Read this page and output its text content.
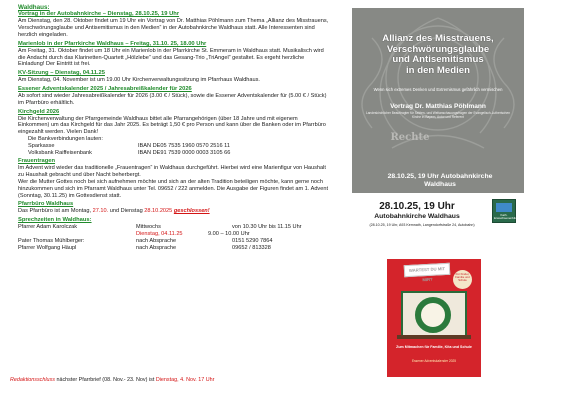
Waldhaus:
Vortrag in der Autobahnkirche – Dienstag, 28.10.25, 19 Uhr
Am Dienstag, den 28. Oktober findet um 19 Uhr ein Vortrag von Dr. Matthias Pöhlmann zum Thema „Allianz des Misstrauens, Verschwörungsglaube und Antisemitismus in den Medien“ in der Autobahnkirche Waldhaus statt. Alle Interessenten sind herzlich eingeladen.
Marienlob in der Pfarrkirche Waldhaus – Freitag, 31.10. 25, 18.00 Uhr
Am Freitag, 31. Oktober findet um 18 Uhr ein Marienlob in der Pfarrkirche St. Emmeram in Waldhaus statt. Musikalisch wird die Andacht durch das Klarinetten-Quartett „Hölzlebe“ und das Gesang-Trio „TriAngel“ gestaltet. Es ergeht herzliche Einladung! Der Eintritt ist frei.
KV-Sitzung – Dienstag, 04.11.25
Am Dienstag, 04. November ist um 19.00 Uhr Kirchenverwaltungssitzung im Pfarrhaus Waldhaus.
Essener Adventskalender 2025 / Jahresabreißkalender für 2026
Ab sofort sind wieder Jahresabreißkalender für 2026 (3.00 € / Stück), sowie die Essener Adventskalender für (5.00 € / Stück) im Pfarrbüro erhältlich.
Kirchgeld 2026
Die Kirchenverwaltung der Pfarrgemeinde Waldhaus bittet alle Pfarrangehörigen (über 18 Jahre und mit eigenem Einkommen) um das Kirchgeld für das Jahr 2025. Es beträgt 1,50 € pro Person und kann über die Banken oder im Pfarrbüro eingezahlt werden. Vielen Dank!
Die Bankverbindungen lauten:
Sparkasse	IBAN DE05 7535 1960 0570 2516 11
Volksbank Raiffeisenbank	IBAN DE91 7539 0000 0003 3105 66
Frauentragen
Im Advent wird wieder das traditionelle „Frauentragen“ in Waldhaus durchgeführt. Hierbei wird eine Marienfigur von Haushalt zu Haushalt gebracht und über Nacht beherbergt.
Wer die Mutter Gottes noch bei sich aufnehmen möchte und sich an der alten Tradition beteiligen möchte, kann gerne noch hinzukommen und sich im Pfarramt Waldhaus unter Tel. 09652 / 222 anmelden. Die Ausgabe der Figuren findet am 1. Advent (Sonntag, 30.11.25) im Gottesdienst statt.
Pfarrbüro Waldhaus
Das Pfarrbüro ist am Montag, 27.10. und Dienstag 28.10.2025 geschlossen!
Sprechzeiten in Waldhaus:
Pfarrer Adam Karolczak	Mittwochs	von 10.30 Uhr bis 11.15 Uhr
Dienstag, 04.11.25	9.00 – 10.00 Uhr
Pater Thomas Mühlberger:	nach Absprache	0151 5290 7864
Pfarrer Wolfgang Häupl	nach Absprache	09652 / 813328
Redaktionsschluss nächster Pfarrbrief (08. Nov.- 23. Nov) ist Dienstag, 4. Nov. 17 Uhr
Allianz des Misstrauens,
Verschwörungsglaube
und Antisemitismus
in den Medien
Wenn sich extremes Denken und Extremismus gefährlich vermischen
Vortrag Dr. Matthias Pöhlmann
Landeskirchlicher Beauftragter für Sekten- und Weltanschauungsfragen der Evangelisch-Lutherischen Kirche in Bayern, Autor und Referent
Rechte
28.10.25, 19 Uhr Autobahnkirche
Waldhaus
28.10.25, 19 Uhr
Autobahnkirche Waldhaus
(28.10.25, 19 Uhr, A93 Kemnath, Langendorfstraße 24, Autobahn)
Kath. Erwachsenenbildung
WARTEST DU MIT MIR?
Für Kinder, Familie und Schule
Zum Mitmachen für Familie, Kita und Schule
Essener Adventskalender 2025
